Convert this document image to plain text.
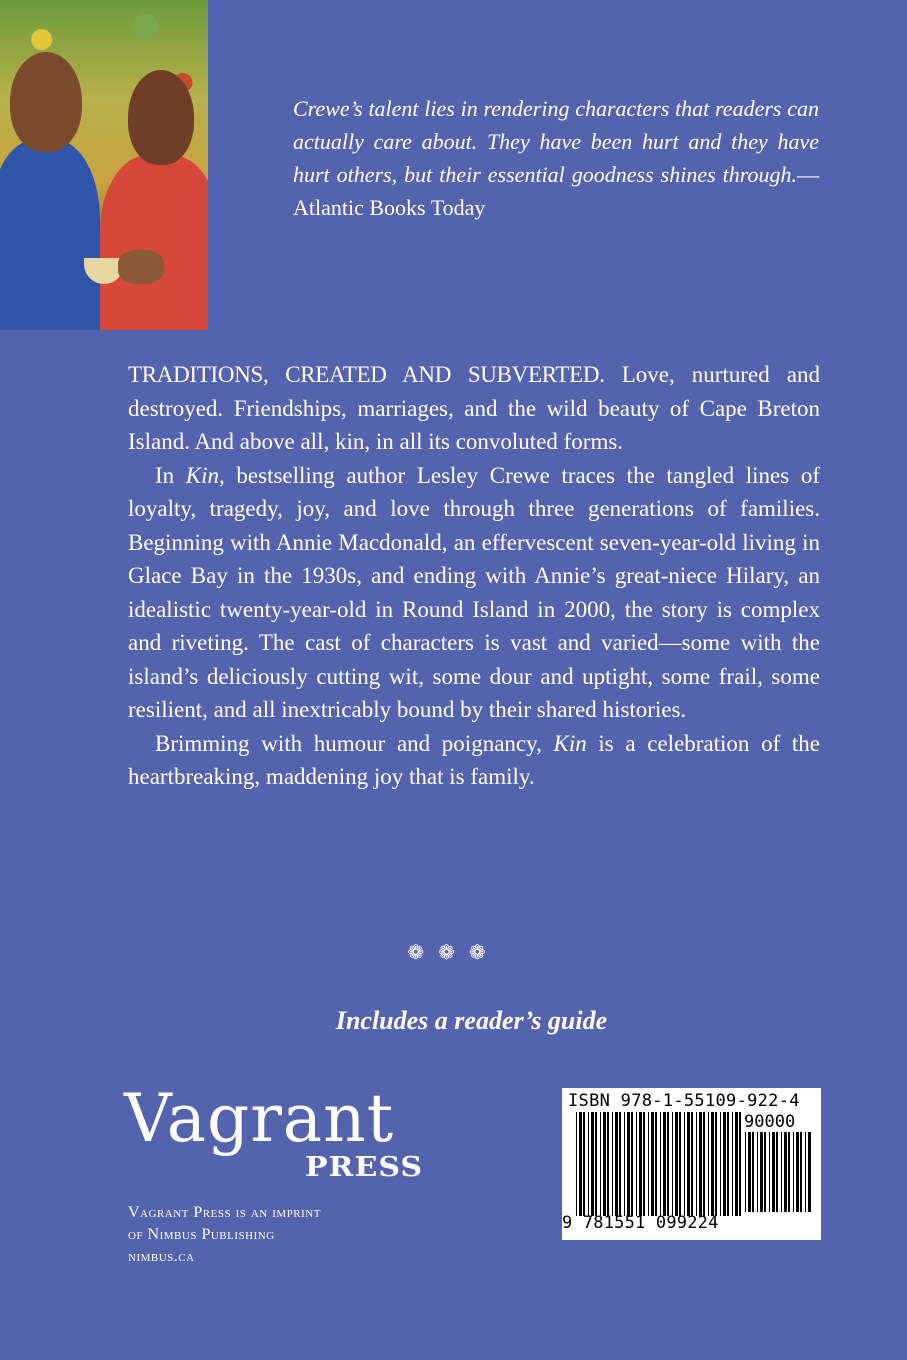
Crewe’s talent lies in rendering characters that readers can actually care about. They have been hurt and they have hurt others, but their essential goodness shines through.—Atlantic Books Today

TRADITIONS, CREATED AND SUBVERTED. Love, nurtured and destroyed. Friendships, marriages, and the wild beauty of Cape Breton Island. And above all, kin, in all its convoluted forms.

In Kin, bestselling author Lesley Crewe traces the tangled lines of loyalty, tragedy, joy, and love through three generations of families. Beginning with Annie Macdonald, an effervescent seven-year-old living in Glace Bay in the 1930s, and ending with Annie’s great-niece Hilary, an idealistic twenty-year-old in Round Island in 2000, the story is complex and riveting. The cast of characters is vast and varied—some with the island’s deliciously cutting wit, some dour and uptight, some frail, some resilient, and all inextricably bound by their shared histories.

Brimming with humour and poignancy, Kin is a celebration of the heartbreaking, maddening joy that is family.

❁❁❁
Includes a reader’s guide
Vagrant
PRESS
Vagrant Press is an imprint
of Nimbus Publishing
nimbus.ca
ISBN 978-1-55109-922-4
90000
9 781551 099224
